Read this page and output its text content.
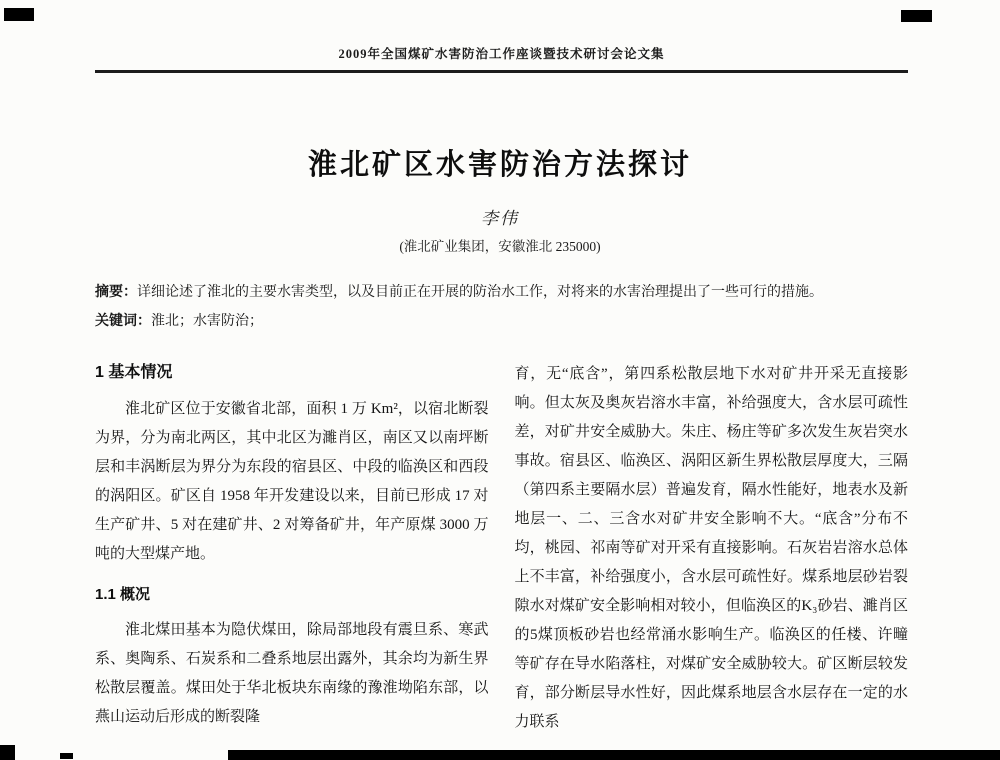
2009年全国煤矿水害防治工作座谈暨技术研讨会论文集
淮北矿区水害防治方法探讨
李伟
(淮北矿业集团，安徽淮北 235000)

摘要：详细论述了淮北的主要水害类型，以及目前正在开展的防治水工作，对将来的水害治理提出了一些可行的措施。

关键词：淮北；水害防治；

1 基本情况

淮北矿区位于安徽省北部，面积 1 万 Km²，以宿北断裂为界，分为南北两区，其中北区为濉肖区，南区又以南坪断层和丰涡断层为界分为东段的宿县区、中段的临涣区和西段的涡阳区。矿区自 1958 年开发建设以来，目前已形成 17 对生产矿井、5 对在建矿井、2 对筹备矿井，年产原煤 3000 万吨的大型煤产地。

1.1 概况

淮北煤田基本为隐伏煤田，除局部地段有震旦系、寒武系、奥陶系、石炭系和二叠系地层出露外，其余均为新生界松散层覆盖。煤田处于华北板块东南缘的豫淮坳陷东部，以燕山运动后形成的断裂隆

育，无“底含”，第四系松散层地下水对矿井开采无直接影响。但太灰及奥灰岩溶水丰富，补给强度大，含水层可疏性差，对矿井安全威胁大。朱庄、杨庄等矿多次发生灰岩突水事故。宿县区、临涣区、涡阳区新生界松散层厚度大，三隔（第四系主要隔水层）普遍发育，隔水性能好，地表水及新地层一、二、三含水对矿井安全影响不大。“底含”分布不均，桃园、祁南等矿对开采有直接影响。石灰岩岩溶水总体上不丰富，补给强度小，含水层可疏性好。煤系地层砂岩裂隙水对煤矿安全影响相对较小，但临涣区的K₃砂岩、濉肖区的5煤顶板砂岩也经常涌水影响生产。临涣区的任楼、许疃等矿存在导水陷落柱，对煤矿安全威胁较大。矿区断层较发育，部分断层导水性好，因此煤系地层含水层存在一定的水力联系
